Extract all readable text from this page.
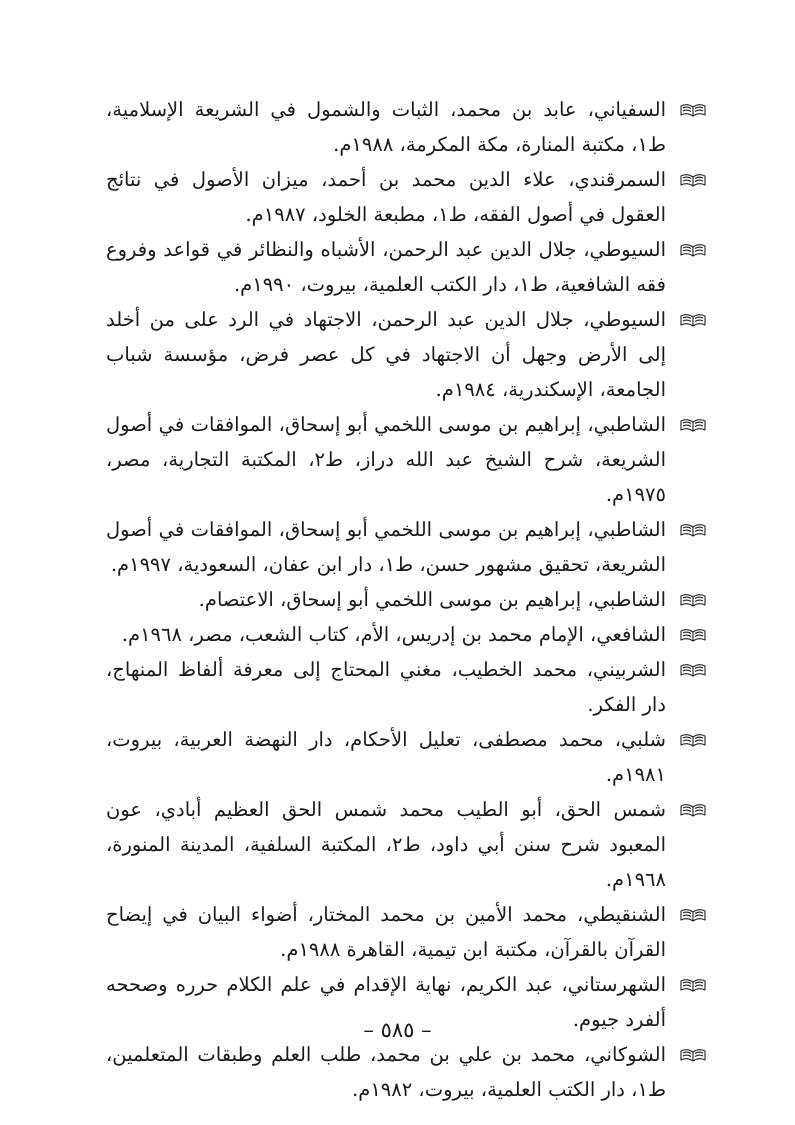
السفياني، عابد بن محمد، الثبات والشمول في الشريعة الإسلامية، ط١، مكتبة المنارة، مكة المكرمة، ١٩٨٨م.

السمرقندي، علاء الدين محمد بن أحمد، ميزان الأصول في نتائج العقول في أصول الفقه، ط١، مطبعة الخلود، ١٩٨٧م.

السيوطي، جلال الدين عبد الرحمن، الأشباه والنظائر في قواعد وفروع فقه الشافعية، ط١، دار الكتب العلمية، بيروت، ١٩٩٠م.

السيوطي، جلال الدين عبد الرحمن، الاجتهاد في الرد على من أخلد إلى الأرض وجهل أن الاجتهاد في كل عصر فرض، مؤسسة شباب الجامعة، الإسكندرية، ١٩٨٤م.

الشاطبي، إبراهيم بن موسى اللخمي أبو إسحاق، الموافقات في أصول الشريعة، شرح الشيخ عبد الله دراز، ط٢، المكتبة التجارية، مصر، ١٩٧٥م.

الشاطبي، إبراهيم بن موسى اللخمي أبو إسحاق، الموافقات في أصول الشريعة، تحقيق مشهور حسن، ط١، دار ابن عفان، السعودية، ١٩٩٧م.

الشاطبي، إبراهيم بن موسى اللخمي أبو إسحاق، الاعتصام.

الشافعي، الإمام محمد بن إدريس، الأم، كتاب الشعب، مصر، ١٩٦٨م.

الشربيني، محمد الخطيب، مغني المحتاج إلى معرفة ألفاظ المنهاج، دار الفكر.

شلبي، محمد مصطفى، تعليل الأحكام، دار النهضة العربية، بيروت، ١٩٨١م.

شمس الحق، أبو الطيب محمد شمس الحق العظيم أبادي، عون المعبود شرح سنن أبي داود، ط٢، المكتبة السلفية، المدينة المنورة، ١٩٦٨م.

الشنقيطي، محمد الأمين بن محمد المختار، أضواء البيان في إيضاح القرآن بالقرآن، مكتبة ابن تيمية، القاهرة ١٩٨٨م.

الشهرستاني، عبد الكريم، نهاية الإقدام في علم الكلام حرره وصححه ألفرد جيوم.

الشوكاني، محمد بن علي بن محمد، طلب العلم وطبقات المتعلمين، ط١، دار الكتب العلمية، بيروت، ١٩٨٢م.

– ٥٨٥ –
